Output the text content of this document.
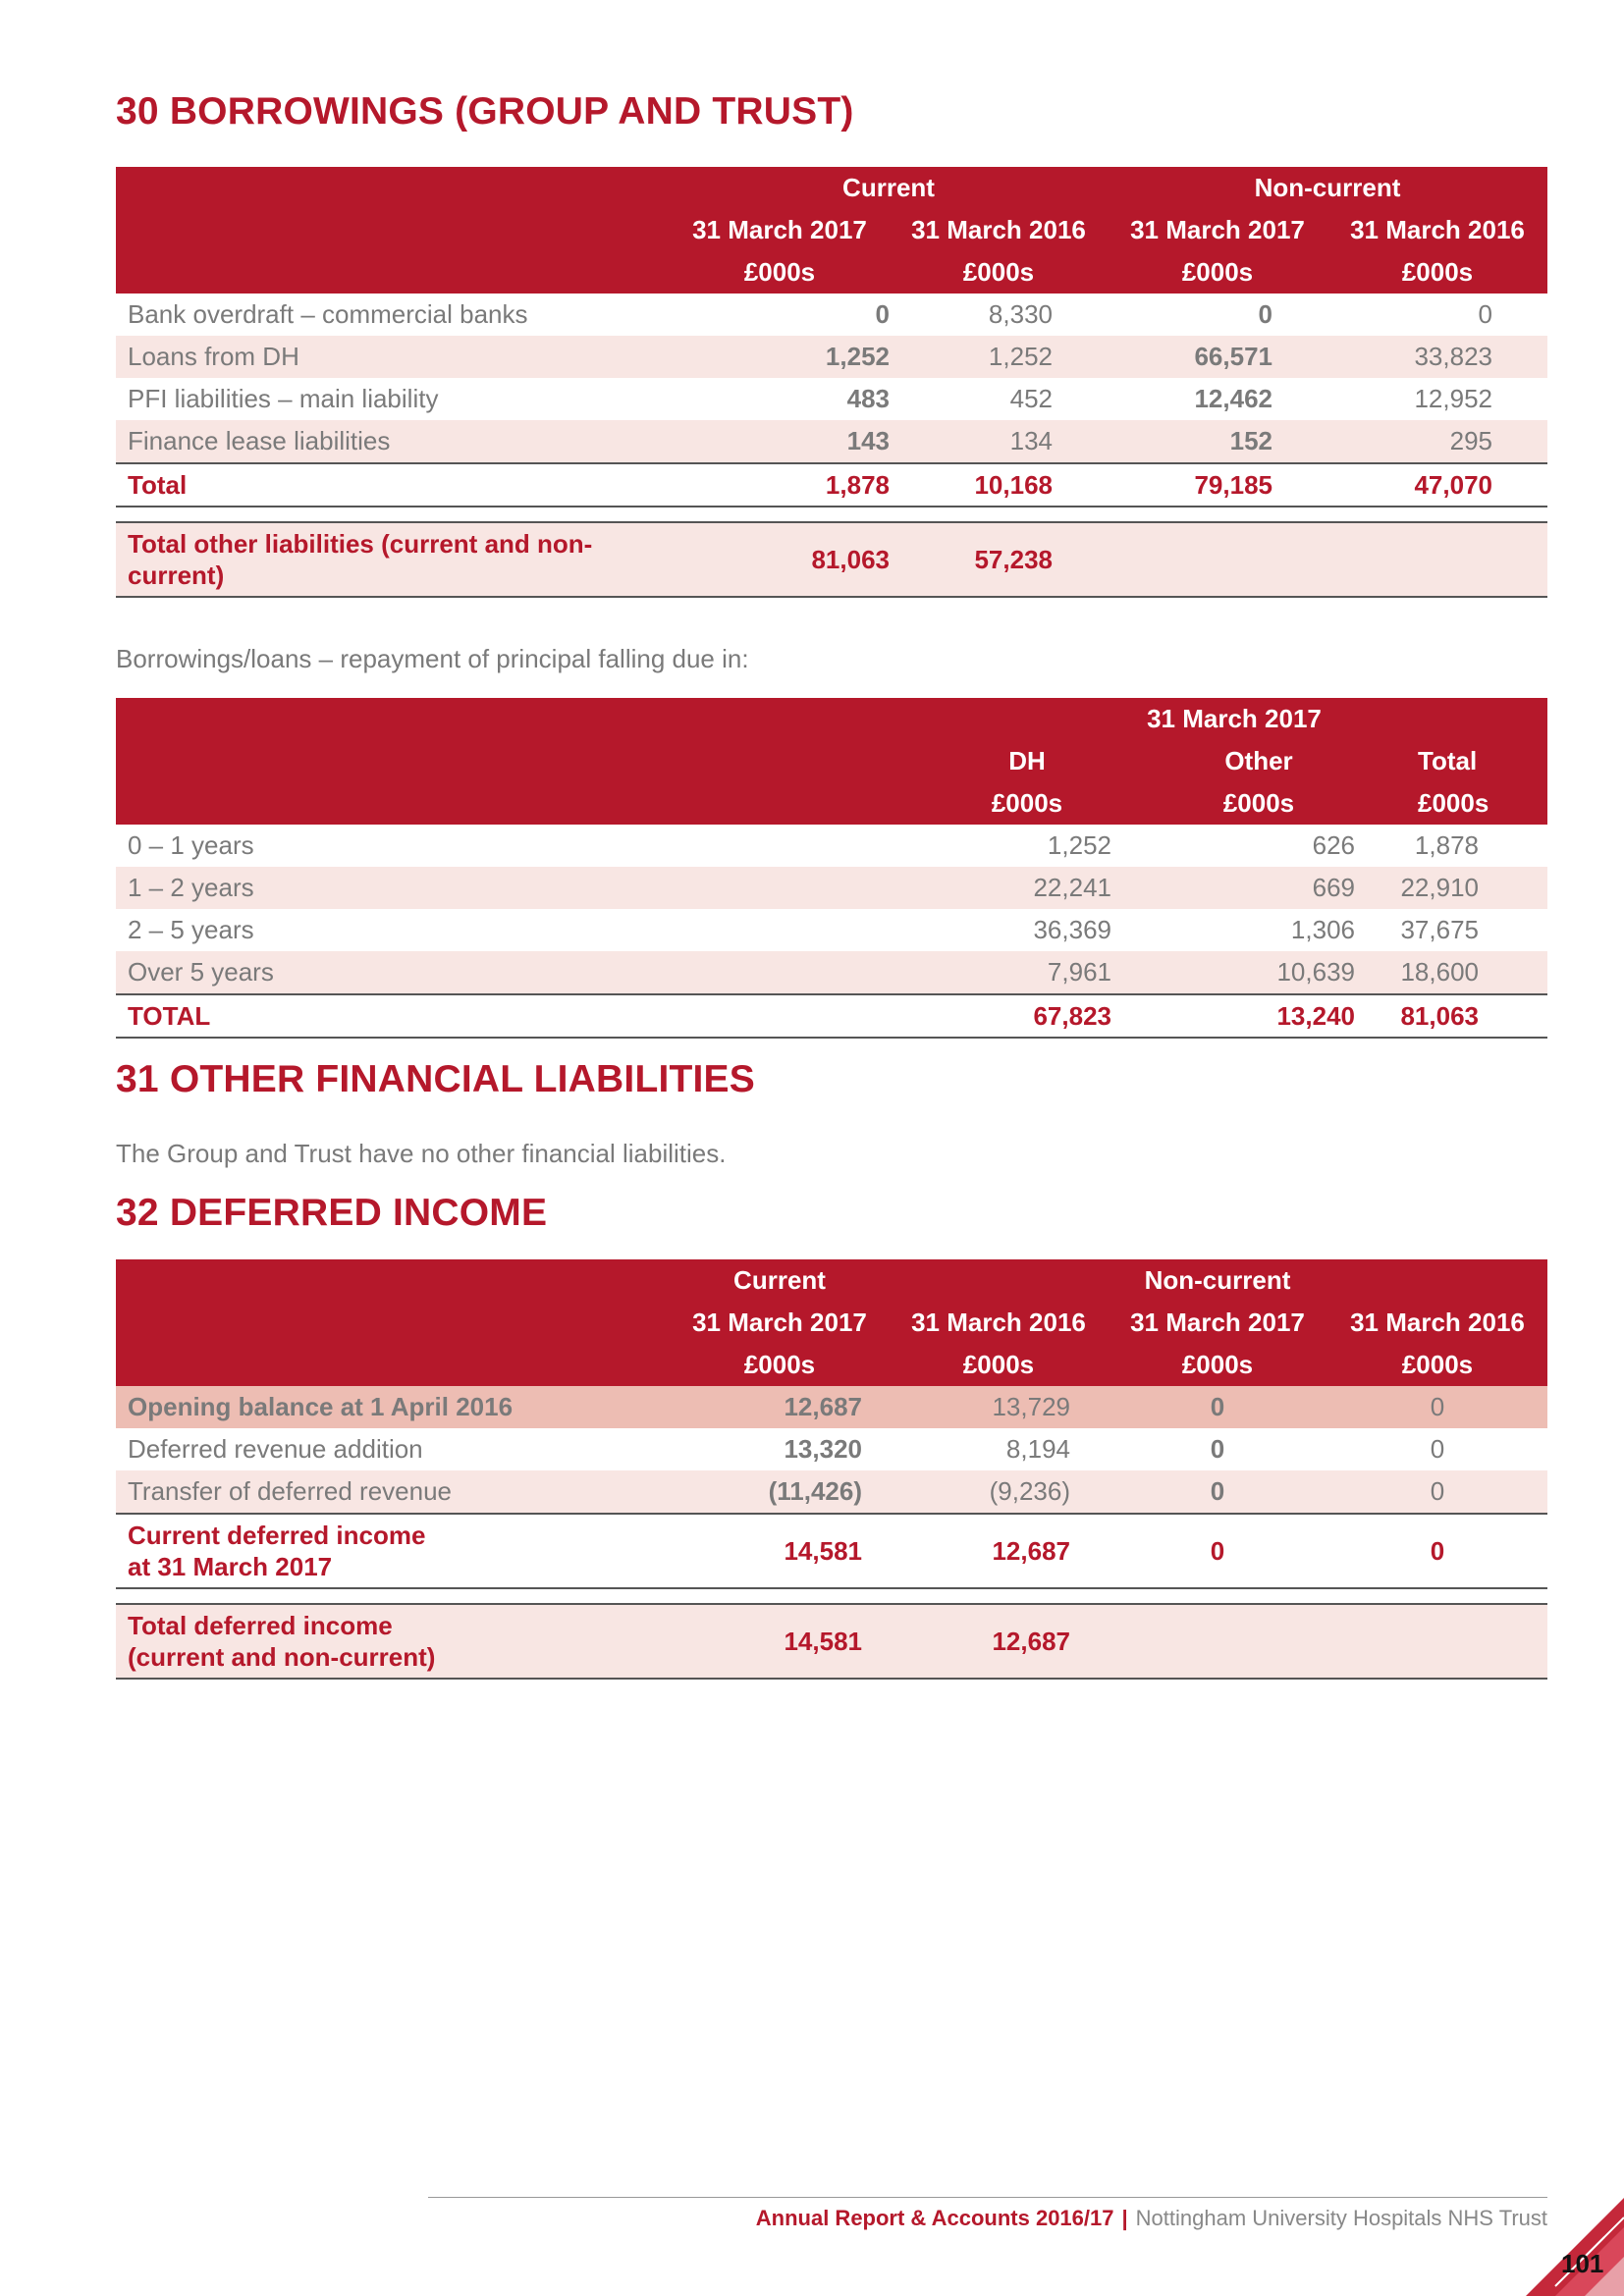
30 BORROWINGS (GROUP AND TRUST)
	Current		Non-current	
	31 March 2017	31 March 2016	31 March 2017	31 March 2016
	£000s	£000s	£000s	£000s
Bank overdraft – commercial banks	0	8,330	0	0
Loans from DH	1,252	1,252	66,571	33,823
PFI liabilities – main liability	483	452	12,462	12,952
Finance lease liabilities	143	134	152	295
Total	1,878	10,168	79,185	47,070

Total other liabilities (current and non-current)	81,063	57,238		

Borrowings/loans – repayment of principal falling due in:

	31 March 2017		
	DH	Other	Total
	£000s	£000s	£000s
0 – 1 years	1,252	626	1,878
1 – 2 years	22,241	669	22,910
2 – 5 years	36,369	1,306	37,675
Over 5 years	7,961	10,639	18,600
TOTAL	67,823	13,240	81,063
31 OTHER FINANCIAL LIABILITIES

The Group and Trust have no other financial liabilities.

32 DEFERRED INCOME
	Current		Non-current	
	31 March 2017	31 March 2016	31 March 2017	31 March 2016
	£000s	£000s	£000s	£000s
Opening balance at 1 April 2016	12,687	13,729	0	0
Deferred revenue addition	13,320	8,194	0	0
Transfer of deferred revenue	(11,426)	(9,236)	0	0
Current deferred income
at 31 March 2017	14,581	12,687	0	0

Total deferred income
(current and non-current)	14,581	12,687		
Annual Report & Accounts 2016/17 | Nottingham University Hospitals NHS Trust
101
